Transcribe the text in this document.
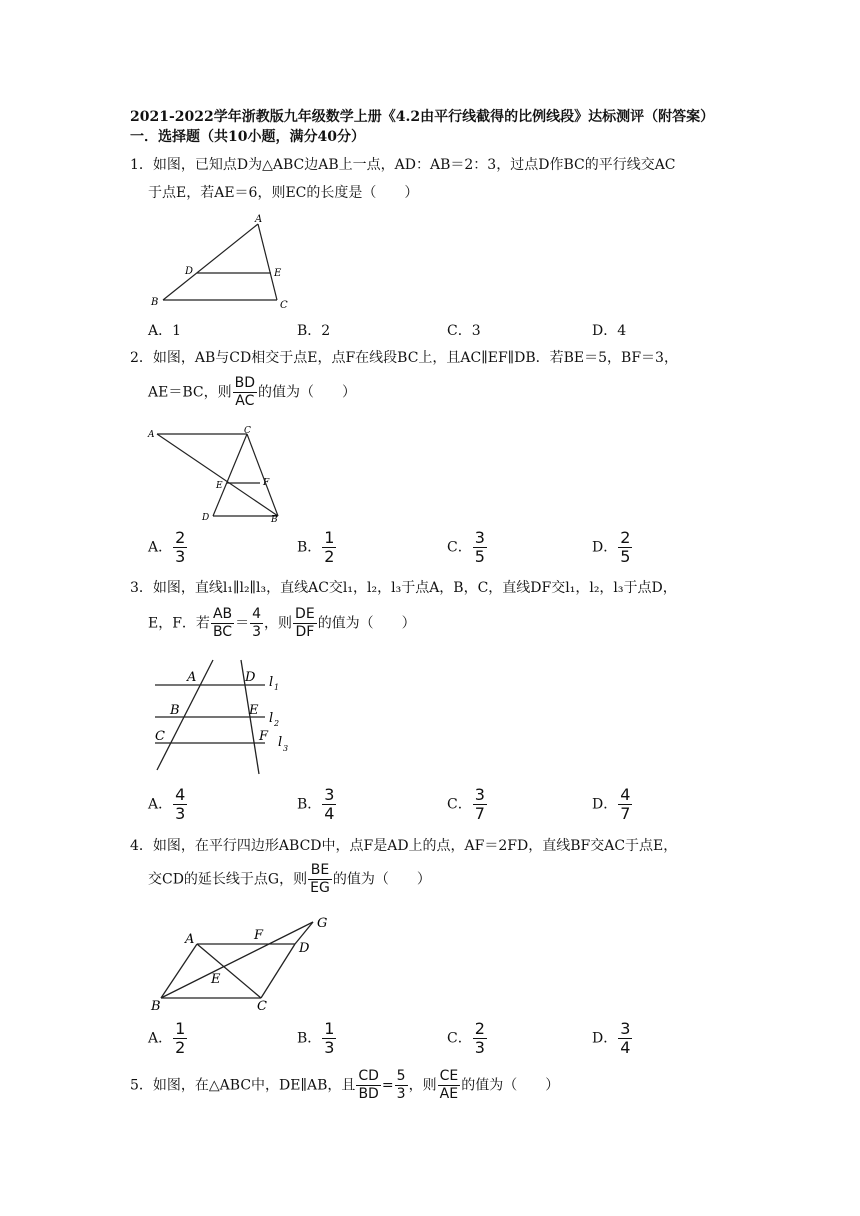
2021-2022学年浙教版九年级数学上册《4.2由平行线截得的比例线段》达标测评（附答案）
一．选择题（共10小题，满分40分）
1．如图，已知点D为△ABC边AB上一点，AD：AB＝2：3，过点D作BC的平行线交AC
于点E，若AE＝6，则EC的长度是（　　）
A
D	E
B	C
A．1	B．2	C．3	D．4
2．如图，AB与CD相交于点E，点F在线段BC上，且AC∥EF∥DB．若BE＝5，BF＝3，
AE＝BC，则 $\frac{BD}{AC}$ 的值为（　　）
A	C
E	F
D	B
A． $\frac{2}{3}$	B． $\frac{1}{2}$	C． $\frac{3}{5}$	D． $\frac{2}{5}$
3．如图，直线l₁∥l₂∥l₃，直线AC交l₁，l₂，l₃于点A，B，C，直线DF交l₁，l₂，l₃于点D，
E，F．若 $\frac{AB}{BC} = \frac{4}{3}$ ，则 $\frac{DE}{DF}$ 的值为（　　）
A	D l 1
B	E
l 2
C	F l 3
A． $\frac{4}{3}$	B． $\frac{3}{4}$	C． $\frac{3}{7}$	D． $\frac{4}{7}$
4．如图，在平行四边形ABCD中，点F是AD上的点，AF＝2FD，直线BF交AC于点E，
交CD的延长线于点G，则 $\frac{BE}{EG}$ 的值为（　　）
A	F
G
D
E
B	C
A． $\frac{1}{2}$	B． $\frac{1}{3}$	C． $\frac{2}{3}$	D． $\frac{3}{4}$
5．如图，在△ABC中，DE∥AB，且 $\frac{CD}{BD} = \frac{5}{3}$ ，则 $\frac{CE}{AE}$ 的值为（　　）
